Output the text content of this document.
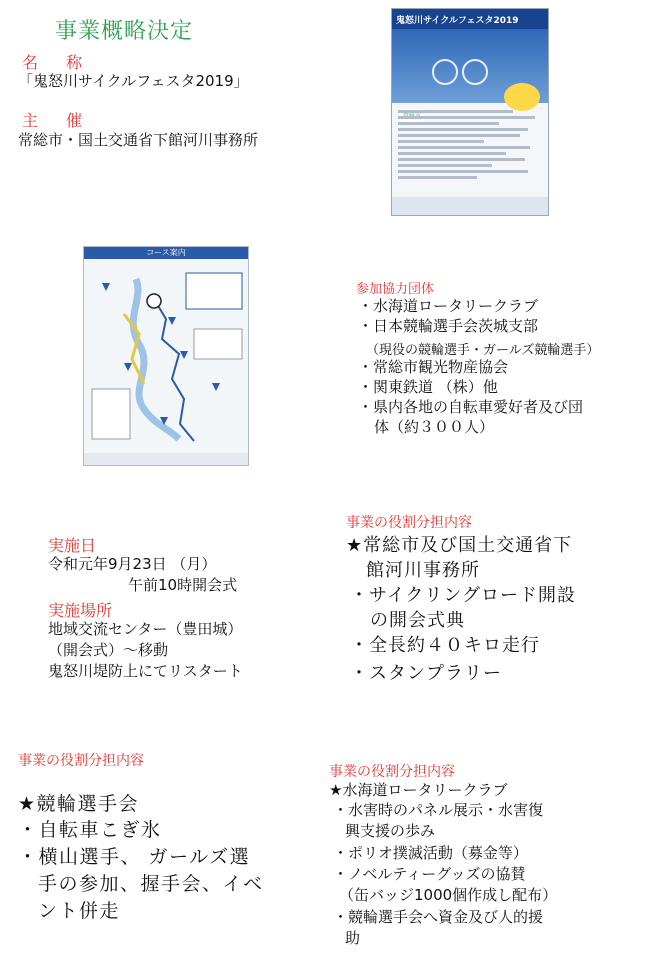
事業概略決定
名　称
「鬼怒川サイクルフェスタ2019」
主　催
常総市・国土交通省下館河川事務所
鬼怒川サイクルフェスタ2019
コース案内
参加協力団体
・水海道ロータリークラブ
・日本競輪選手会茨城支部
（現役の競輪選手・ガールズ競輪選手）
・常総市観光物産協会
・関東鉄道 （株）他
・県内各地の自転車愛好者及び団
体（約３００人）
実施日
令和元年9月23日 （月）
午前10時開会式
実施場所
地域交流センター（豊田城）
（開会式）～移動
鬼怒川堤防上にてリスタート
事業の役割分担内容
★常総市及び国土交通省下
館河川事務所
・サイクリングロード開設
の開会式典
・全長約４０キロ走行
・スタンプラリー
事業の役割分担内容
★競輪選手会
・自転車こぎ氷
・横山選手、 ガールズ選
手の参加、握手会、イベ
ント併走
事業の役割分担内容
★水海道ロータリークラブ
・水害時のパネル展示・水害復
興支援の歩み
・ポリオ撲滅活動（募金等）
・ノベルティーグッズの協賛
（缶バッジ1000個作成し配布）
・競輪選手会へ資金及び人的援
助
